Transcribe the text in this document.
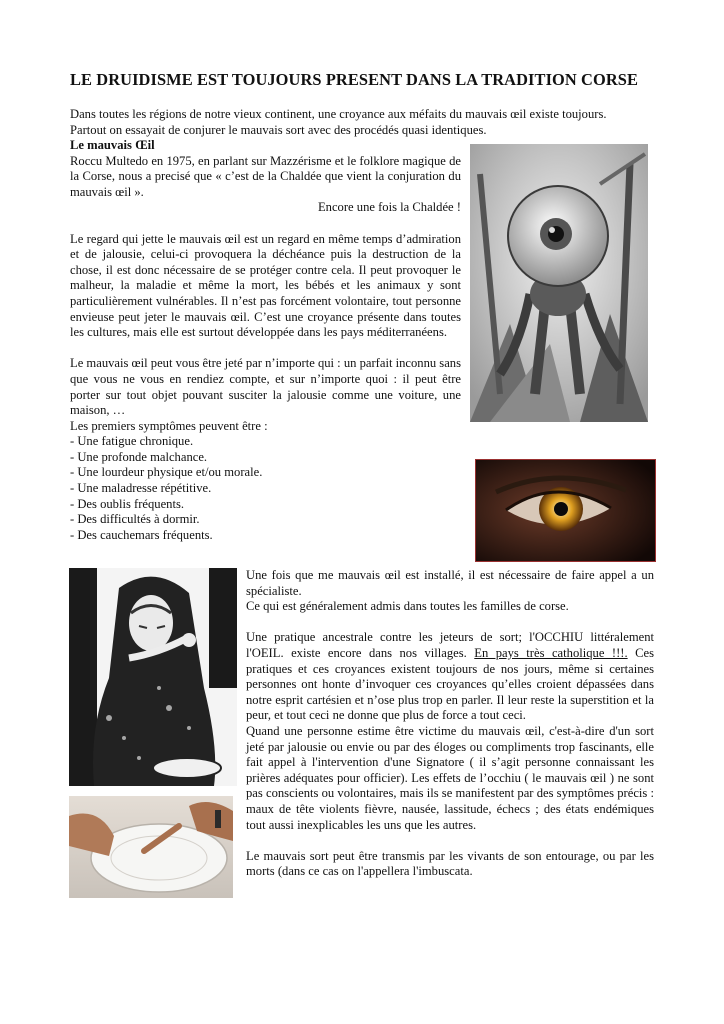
LE DRUIDISME EST TOUJOURS PRESENT DANS LA TRADITION CORSE

Dans toutes les régions de notre vieux continent, une croyance aux méfaits du mauvais œil existe toujours.

Partout on essayait de conjurer le mauvais sort avec des procédés quasi identiques.

Le mauvais Œil

Roccu Multedo en 1975, en parlant sur Mazzérisme et le folklore magique de la Corse, nous a precisé que « c’est de la Chaldée que vient la conjuration du mauvais œil ».

Encore une fois la Chaldée !

Le regard qui jette le mauvais œil est un regard en même temps d’admiration et de jalousie, celui-ci provoquera la déchéance puis la destruction de la chose, il est donc nécessaire de se protéger contre cela. Il peut provoquer le malheur, la maladie et même la mort, les bébés et les animaux y sont particulièrement vulnérables. Il n’est pas forcément volontaire, tout personne envieuse peut jeter le mauvais œil. C’est une croyance présente dans toutes les cultures, mais elle est surtout développée dans les pays méditerranéens.

Le mauvais œil peut vous être jeté par n’importe qui : un parfait inconnu sans que vous ne vous en rendiez compte, et sur n’importe quoi : il peut être porter sur tout objet pouvant susciter la jalousie comme une voiture, une maison, …

Les premiers symptômes peuvent être :

- Une fatigue chronique.
- Une profonde malchance.
- Une lourdeur physique et/ou morale.
- Une maladresse répétitive.
- Des oublis fréquents.
- Des difficultés à dormir.
- Des cauchemars fréquents.

Une fois que me mauvais œil est installé, il est nécessaire de faire appel a un spécialiste.

Ce qui est généralement admis dans toutes les familles de corse.

Une pratique ancestrale contre les jeteurs de sort; l'OCCHIU littéralement l'OEIL. existe encore dans nos villages. En pays très catholique !!!. Ces pratiques et ces croyances existent toujours de nos jours, même si certaines personnes ont honte d’invoquer ces croyances qu’elles croient dépassées dans notre esprit cartésien et n’ose plus trop en parler. Il leur reste la superstition et la peur, et tout ceci ne donne que plus de force a tout ceci.

Quand une personne estime être victime du mauvais œil, c'est-à-dire d'un sort jeté par jalousie ou envie ou par des éloges ou compliments trop fascinants, elle fait appel à l'intervention d'une Signatore ( il s’agit personne connaissant les prières adéquates pour officier). Les effets de l’occhiu ( le mauvais œil ) ne sont pas conscients ou volontaires, mais ils se manifestent par des symptômes précis : maux de tête violents fièvre, nausée, lassitude, échecs ; des états endémiques tout aussi inexplicables les uns que les autres.

Le mauvais sort peut être transmis par les vivants de son entourage, ou par les morts (dans ce cas on l'appellera l'imbuscata.
